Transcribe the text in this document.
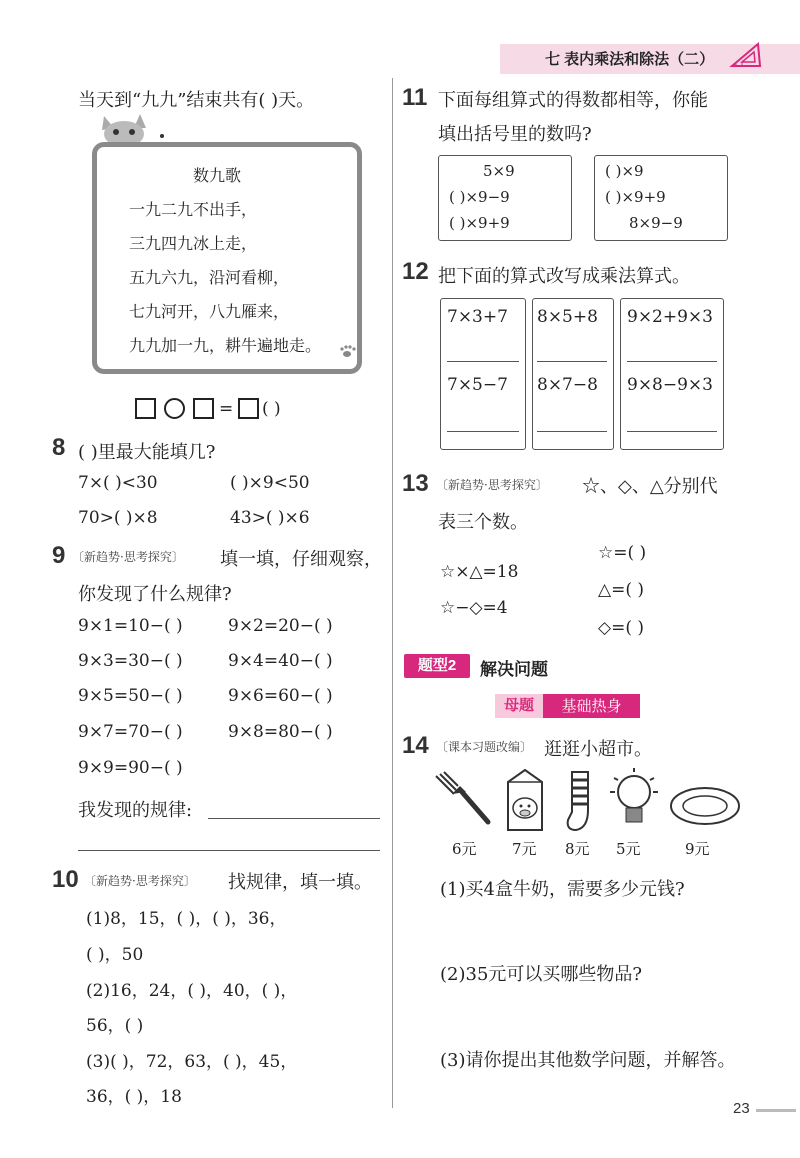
七 表内乘法和除法（二）
当天到“九九”结束共有( )天。
数九歌
一九二九不出手，
三九四九冰上走，
五九六九，沿河看柳，
七九河开，八九雁来，
九九加一九，耕牛遍地走。
= ( )
8 ( )里最大能填几?
7×( )<30	( )×9<50
70>( )×8	43>( )×6
9 〔新趋势·思考探究〕 填一填，仔细观察，
你发现了什么规律?
9×1=10−( )	9×2=20−( )
9×3=30−( )	9×4=40−( )
9×5=50−( )	9×6=60−( )
9×7=70−( )	9×8=80−( )
9×9=90−( )
我发现的规律:
10 〔新趋势·思考探究〕 找规律，填一填。
(1)8，15，( )，( )，36，
( )，50
(2)16，24，( )，40，( )，
56，( )
(3)( )，72，63，( )，45，
36，( )，18
11 下面每组算式的得数都相等，你能
填出括号里的数吗?
5×9
( )×9−9
( )×9+9
( )×9
( )×9+9
8×9−9
12 把下面的算式改写成乘法算式。
7×3+7
7×5−7
8×5+8
8×7−8
9×2+9×3
9×8−9×3
13 〔新趋势·思考探究〕 ☆、◇、△分别代
表三个数。
☆×△=18
☆−◇=4
☆=( )
△=( )
◇=( )
题型2	解决问题
母题	基础热身
14 〔课本习题改编〕 逛逛小超市。
6元 7元 8元 5元	9元
(1)买4盒牛奶，需要多少元钱?
(2)35元可以买哪些物品?
(3)请你提出其他数学问题，并解答。
23
